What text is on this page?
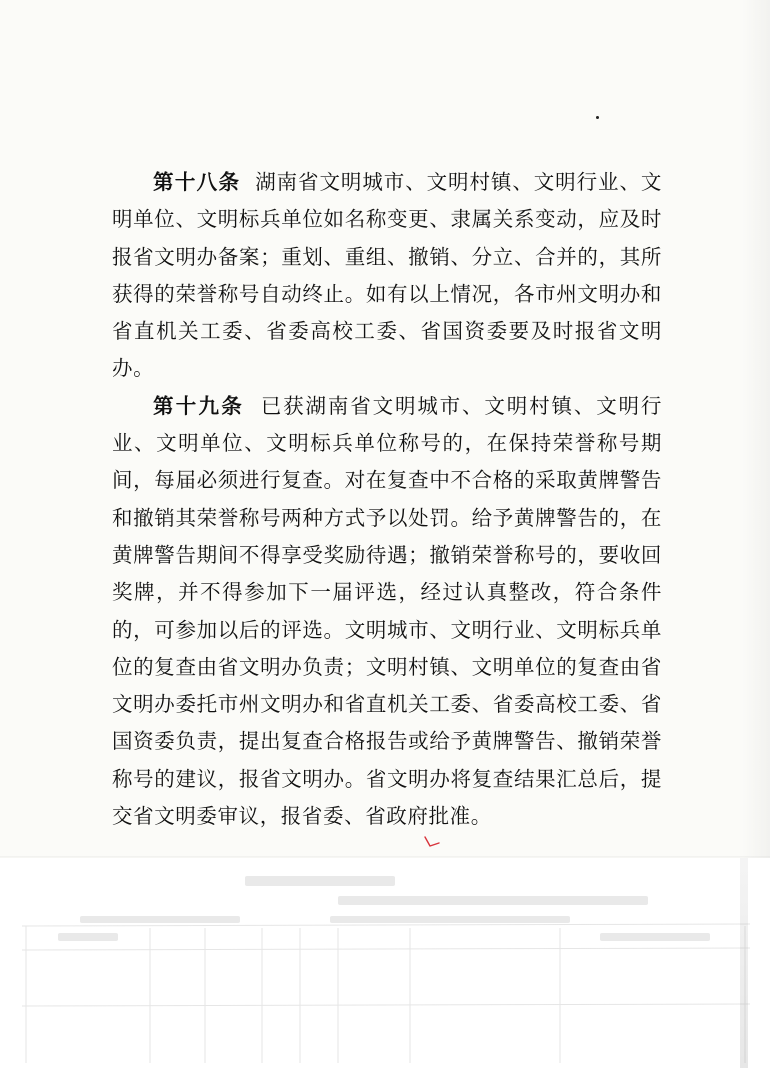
第十八条 湖南省文明城市、文明村镇、文明行业、文明单位、文明标兵单位如名称变更、隶属关系变动，应及时报省文明办备案；重划、重组、撤销、分立、合并的，其所获得的荣誉称号自动终止。如有以上情况，各市州文明办和省直机关工委、省委高校工委、省国资委要及时报省文明办。

第十九条 已获湖南省文明城市、文明村镇、文明行业、文明单位、文明标兵单位称号的，在保持荣誉称号期间，每届必须进行复查。对在复查中不合格的采取黄牌警告和撤销其荣誉称号两种方式予以处罚。给予黄牌警告的，在黄牌警告期间不得享受奖励待遇；撤销荣誉称号的，要收回奖牌，并不得参加下一届评选，经过认真整改，符合条件的，可参加以后的评选。文明城市、文明行业、文明标兵单位的复查由省文明办负责；文明村镇、文明单位的复查由省文明办委托市州文明办和省直机关工委、省委高校工委、省国资委负责，提出复查合格报告或给予黄牌警告、撤销荣誉称号的建议，报省文明办。省文明办将复查结果汇总后，提交省文明委审议，报省委、省政府批准。
